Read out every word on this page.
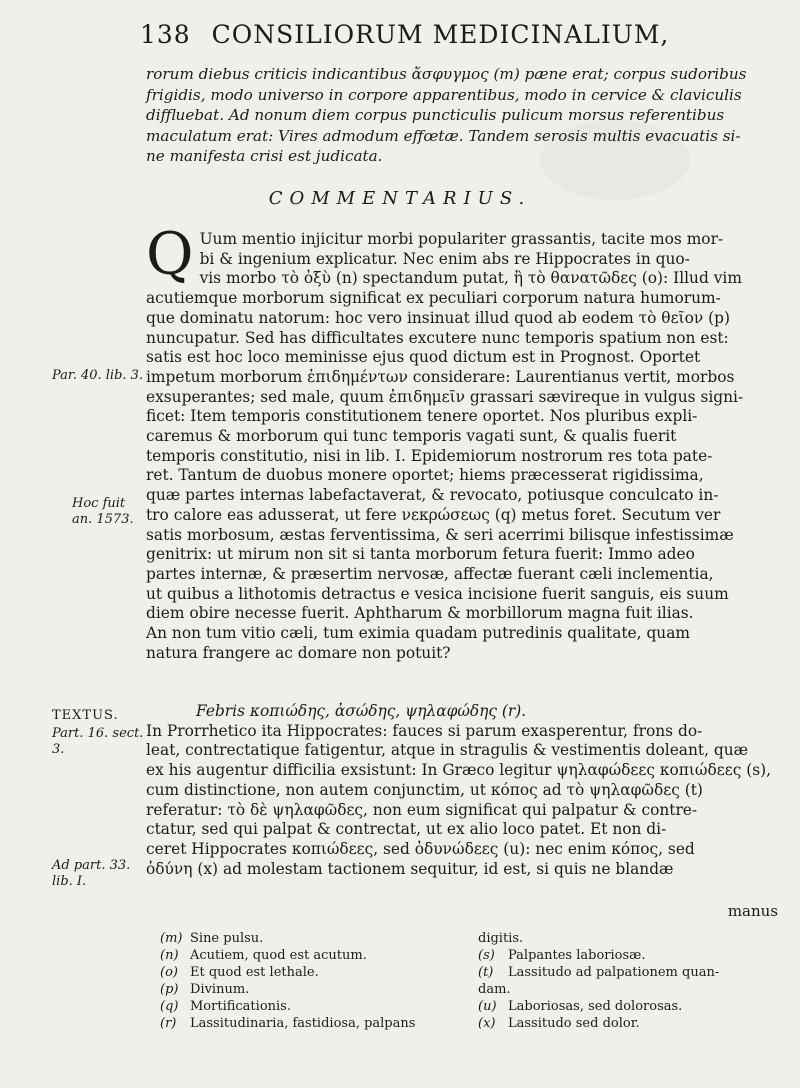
138 CONSILIORUM MEDICINALIUM,

rorum diebus criticis indicantibus ἄσφυγμος (m) pæne erat; corpus sudoribus

frigidis, modo universo in corpore apparentibus, modo in cervice & claviculis

diffluebat. Ad nonum diem corpus puncticulis pulicum morsus referentibus

maculatum erat: Vires admodum effœtæ. Tandem serosis multis evacuatis si-

ne manifesta crisi est judicata.

COMMENTARIUS.
Q Uum mentio injicitur morbi populariter grassantis, tacite mos mor-

bi & ingenium explicatur. Nec enim abs re Hippocrates in quo-

vis morbo τὸ ὀξὺ (n) spectandum putat, ἢ τὸ θανατῶδες (o): Illud vim

acutiemque morborum significat ex peculiari corporum natura humorum-

que dominatu natorum: hoc vero insinuat illud quod ab eodem τὸ θεῖον (p)

nuncupatur. Sed has difficultates excutere nunc temporis spatium non est:

satis est hoc loco meminisse ejus quod dictum est in Prognost. Oportet

impetum morborum ἐπιδημέντων considerare: Laurentianus vertit, morbos

exsuperantes; sed male, quum ἐπιδημεῖν grassari sævireque in vulgus signi-

ficet: Item temporis constitutionem tenere oportet. Nos pluribus expli-

caremus & morborum qui tunc temporis vagati sunt, & qualis fuerit

temporis constitutio, nisi in lib. I. Epidemiorum nostrorum res tota pate-

ret. Tantum de duobus monere oportet; hiems præcesserat rigidissima,

quæ partes internas labefactaverat, & revocato, potiusque conculcato in-

tro calore eas adusserat, ut fere νεκρώσεως (q) metus foret. Secutum ver

satis morbosum, æstas ferventissima, & seri acerrimi bilisque infestissimæ

genitrix: ut mirum non sit si tanta morborum fetura fuerit: Immo adeo

partes internæ, & præsertim nervosæ, affectæ fuerant cæli inclementia,

ut quibus a lithotomis detractus e vesica incisione fuerit sanguis, eis suum

diem obire necesse fuerit. Aphtharum & morbillorum magna fuit ilias.

An non tum vitio cæli, tum eximia quadam putredinis qualitate, quam

natura frangere ac domare non potuit?

Par. 40. lib. 3.
Hoc fuit
an. 1573.
TEXTUS.
Part. 16. sect.
3.
Ad part. 33.
lib. I.

Febris κοπιώδης, ἀσώδης, ψηλαφώδης (r).

In Prorrhetico ita Hippocrates: fauces si parum exasperentur, frons do-

leat, contrectatique fatigentur, atque in stragulis & vestimentis doleant, quæ

ex his augentur difficilia exsistunt: In Græco legitur ψηλαφώδεες κοπιώδεες (s),

cum distinctione, non autem conjunctim, ut κόπος ad τὸ ψηλαφῶδες (t)

referatur: τὸ δὲ ψηλαφῶδες, non eum significat qui palpatur & contre-

ctatur, sed qui palpat & contrectat, ut ex alio loco patet. Et non di-

ceret Hippocrates κοπιώδεες, sed ὀδυνώδεες (u): nec enim κόπος, sed

ὀδύνη (x) ad molestam tactionem sequitur, id est, si quis ne blandæ

manus

(m) Sine pulsu.

(n) Acutiem, quod est acutum.

(o) Et quod est lethale.

(p) Divinum.

(q) Mortificationis.

(r) Lassitudinaria, fastidiosa, palpans

digitis.

(s) Palpantes laboriosæ.

(t) Lassitudo ad palpationem quan-

dam.

(u) Laboriosas, sed dolorosas.

(x) Lassitudo sed dolor.
